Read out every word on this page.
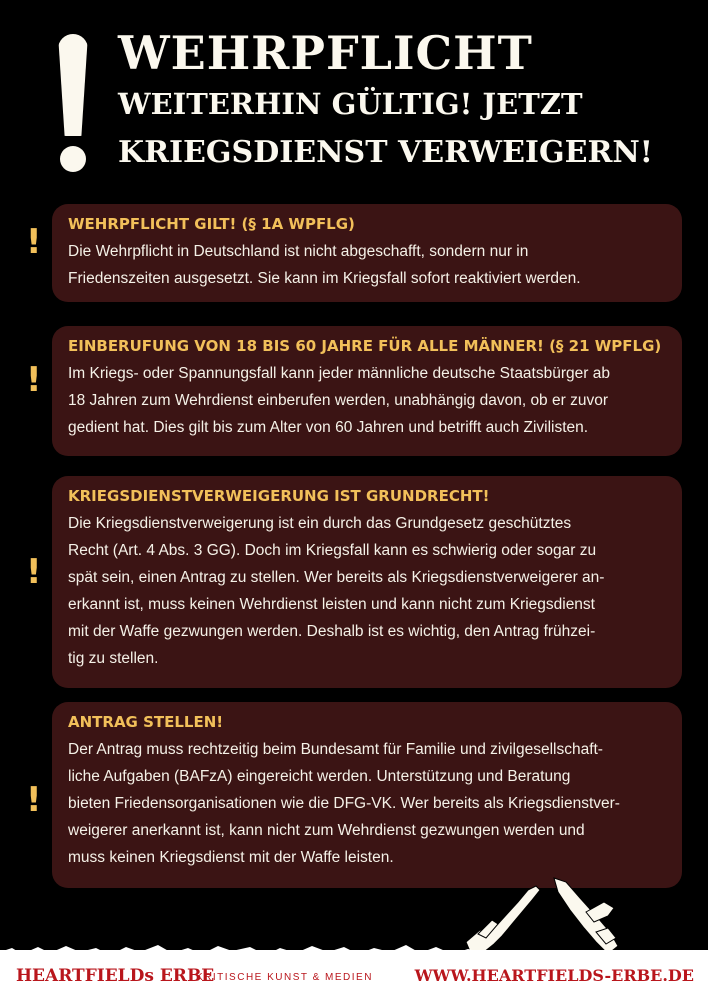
WEHRPFLICHT
WEITERHIN GÜLTIG! JETZT
KRIEGSDIENST VERWEIGERN!
! WEHRPFLICHT GILT! (§ 1A WPFLG)

Die Wehrpflicht in Deutschland ist nicht abgeschafft, sondern nur in
Friedenszeiten ausgesetzt. Sie kann im Kriegsfall sofort reaktiviert werden.

!
EINBERUFUNG VON 18 BIS 60 JAHRE FÜR ALLE MÄNNER! (§ 21 WPFLG)

Im Kriegs- oder Spannungsfall kann jeder männliche deutsche Staatsbürger ab
18 Jahren zum Wehrdienst einberufen werden, unabhängig davon, ob er zuvor
gedient hat. Dies gilt bis zum Alter von 60 Jahren und betrifft auch Zivilisten.

!
KRIEGSDIENSTVERWEIGERUNG IST GRUNDRECHT!

Die Kriegsdienstverweigerung ist ein durch das Grundgesetz geschütztes
Recht (Art. 4 Abs. 3 GG). Doch im Kriegsfall kann es schwierig oder sogar zu
spät sein, einen Antrag zu stellen. Wer bereits als Kriegsdienstverweigerer an-
erkannt ist, muss keinen Wehrdienst leisten und kann nicht zum Kriegsdienst
mit der Waffe gezwungen werden. Deshalb ist es wichtig, den Antrag frühzei-
tig zu stellen.

!
ANTRAG STELLEN!

Der Antrag muss rechtzeitig beim Bundesamt für Familie und zivilgesellschaft-
liche Aufgaben (BAFzA) eingereicht werden. Unterstützung und Beratung
bieten Friedensorganisationen wie die DFG-VK. Wer bereits als Kriegsdienstver-
weigerer anerkannt ist, kann nicht zum Wehrdienst gezwungen werden und
muss keinen Kriegsdienst mit der Waffe leisten.

HEARTFIELDs ERBE
KRITISCHE KUNST & MEDIEN	WWW.HEARTFIELDS-ERBE.DE
